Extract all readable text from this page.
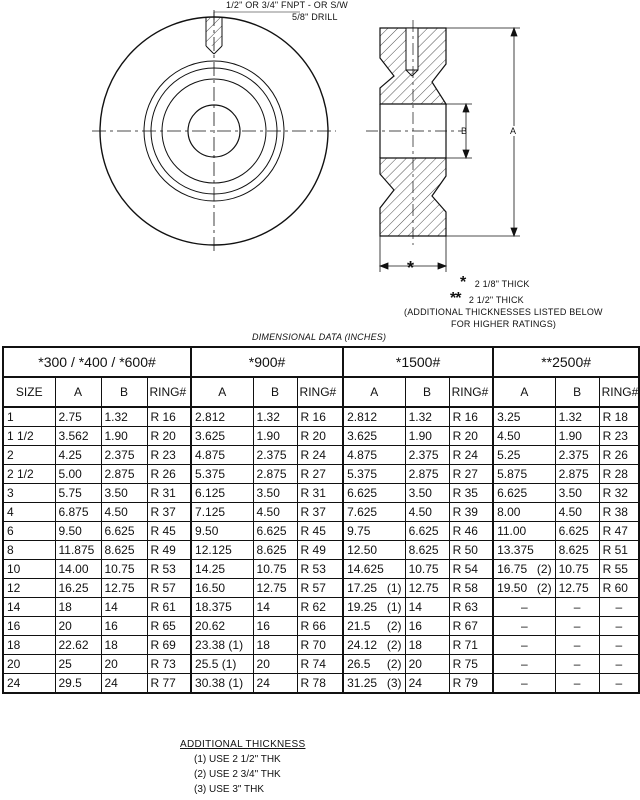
1/2" OR 3/4" FNPT - OR S/W
5/8" DRILL
B	A
*
* 2 1/8" THICK
** 2 1/2" THICK
(ADDITIONAL THICKNESSES LISTED BELOW
FOR HIGHER RATINGS)
DIMENSIONAL DATA (INCHES)
*300 / *400 / *600#				*900#			*1500#			**2500#		
SIZE	A	B	RING#	A	B	RING#	A	B	RING#	A	B	RING#
1	2.75	1.32	R 16	2.812	1.32	R 16	2.812	1.32	R 16	3.25	1.32	R 18
1 1/2	3.562	1.90	R 20	3.625	1.90	R 20	3.625	1.90	R 20	4.50	1.90	R 23
2	4.25	2.375	R 23	4.875	2.375	R 24	4.875	2.375	R 24	5.25	2.375	R 26
2 1/2	5.00	2.875	R 26	5.375	2.875	R 27	5.375	2.875	R 27	5.875	2.875	R 28
3	5.75	3.50	R 31	6.125	3.50	R 31	6.625	3.50	R 35	6.625	3.50	R 32
4	6.875	4.50	R 37	7.125	4.50	R 37	7.625	4.50	R 39	8.00	4.50	R 38
6	9.50	6.625	R 45	9.50	6.625	R 45	9.75	6.625	R 46	11.00	6.625	R 47
8	11.875	8.625	R 49	12.125	8.625	R 49	12.50	8.625	R 50	13.375	8.625	R 51
10	14.00	10.75	R 53	14.25	10.75	R 53	14.625	10.75	R 54	16.75 (2)	10.75	R 55
12	16.25	12.75	R 57	16.50	12.75	R 57	17.25 (1)	12.75	R 58	19.50 (2)	12.75	R 60
14	18	14	R 61	18.375	14	R 62	19.25 (1)	14	R 63	–	–	–
16	20	16	R 65	20.62	16	R 66	21.5 (2)	16	R 67	–	–	–
18	22.62	18	R 69	23.38 (1)	18	R 70	24.12 (2)	18	R 71	–	–	–
20	25	20	R 73	25.5 (1)	20	R 74	26.5 (2)	20	R 75	–	–	–
24	29.5	24	R 77	30.38 (1)	24	R 78	31.25 (3)	24	R 79	–	–	–
ADDITIONAL THICKNESS
(1) USE 2 1/2" THK
(2) USE 2 3/4" THK
(3) USE 3" THK
